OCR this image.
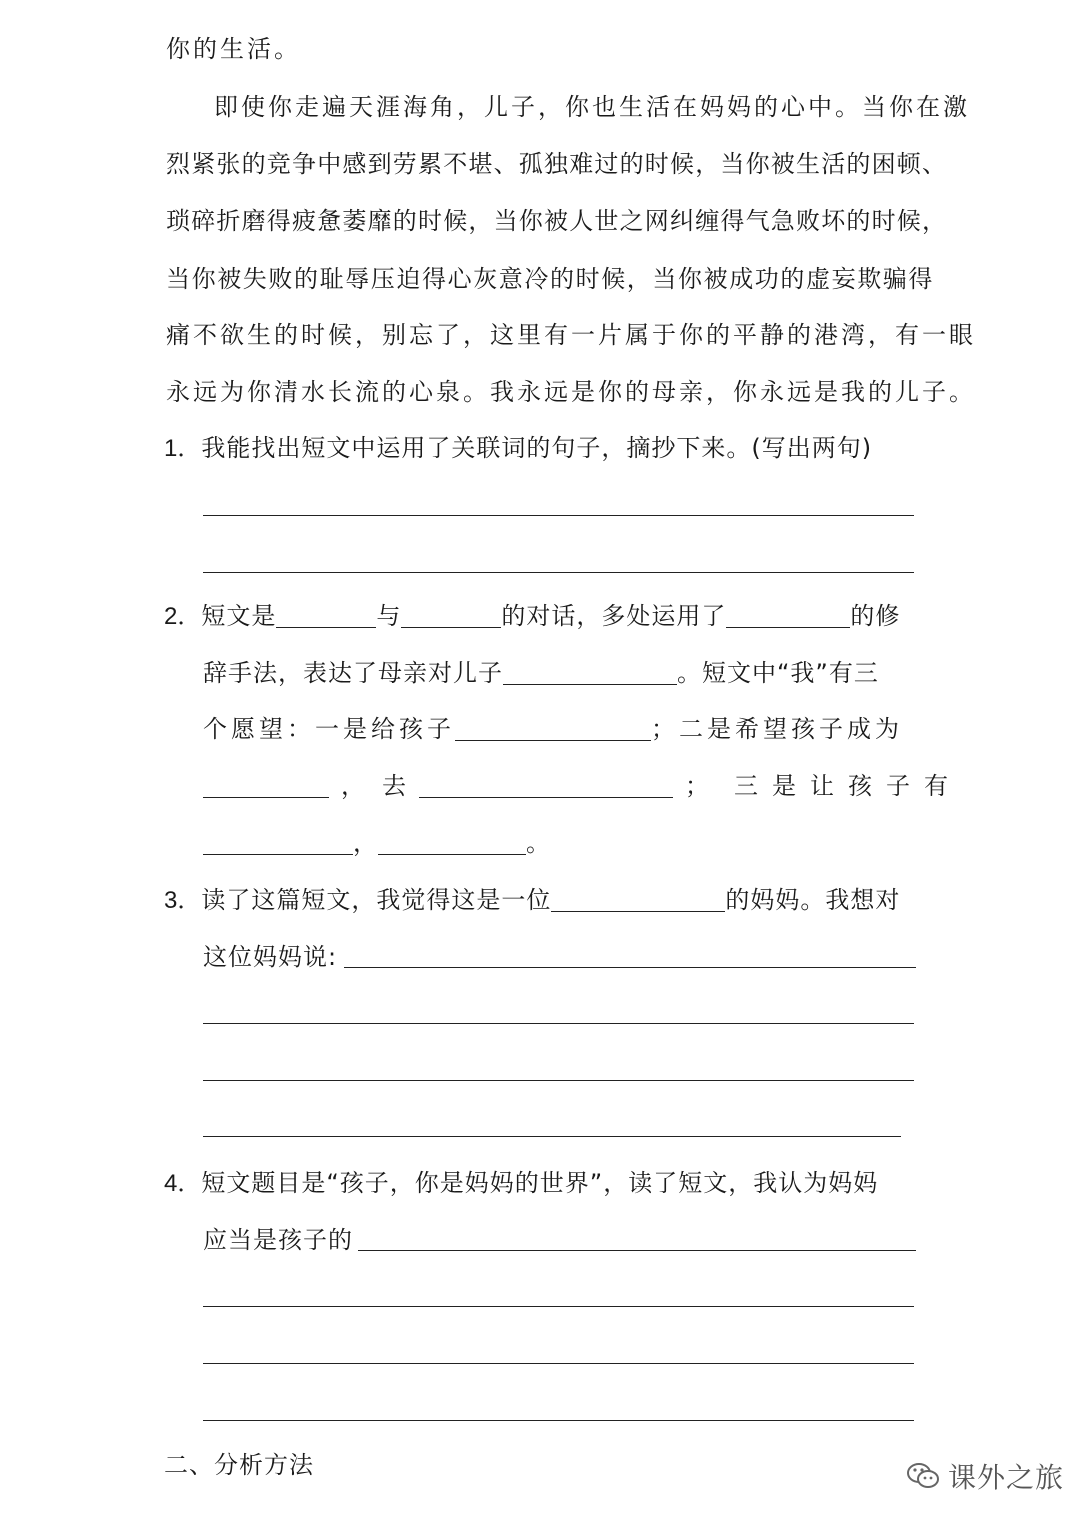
你的生活。
即使你走遍天涯海角，儿子，你也生活在妈妈的心中。当你在激
烈紧张的竞争中感到劳累不堪、孤独难过的时候，当你被生活的困顿、
琐碎折磨得疲惫萎靡的时候，当你被人世之网纠缠得气急败坏的时候，
当你被失败的耻辱压迫得心灰意冷的时候，当你被成功的虚妄欺骗得
痛不欲生的时候，别忘了，这里有一片属于你的平静的港湾，有一眼
永远为你清水长流的心泉。我永远是你的母亲，你永远是我的儿子。
1．我能找出短文中运用了关联词的句子，摘抄下来。(写出两句)
2．短文是	与	的对话，多处运用了	的修
辞手法，表达了母亲对儿子	。短文中“我”有三
个愿望：一是给孩子	；二是希望孩子成为
， 去	； 三是让孩子有
，	。
3．读了这篇短文，我觉得这是一位	的妈妈。我想对
这位妈妈说:
4．短文题目是“孩子，你是妈妈的世界”，读了短文，我认为妈妈
应当是孩子的
二、分析方法	课外之旅
